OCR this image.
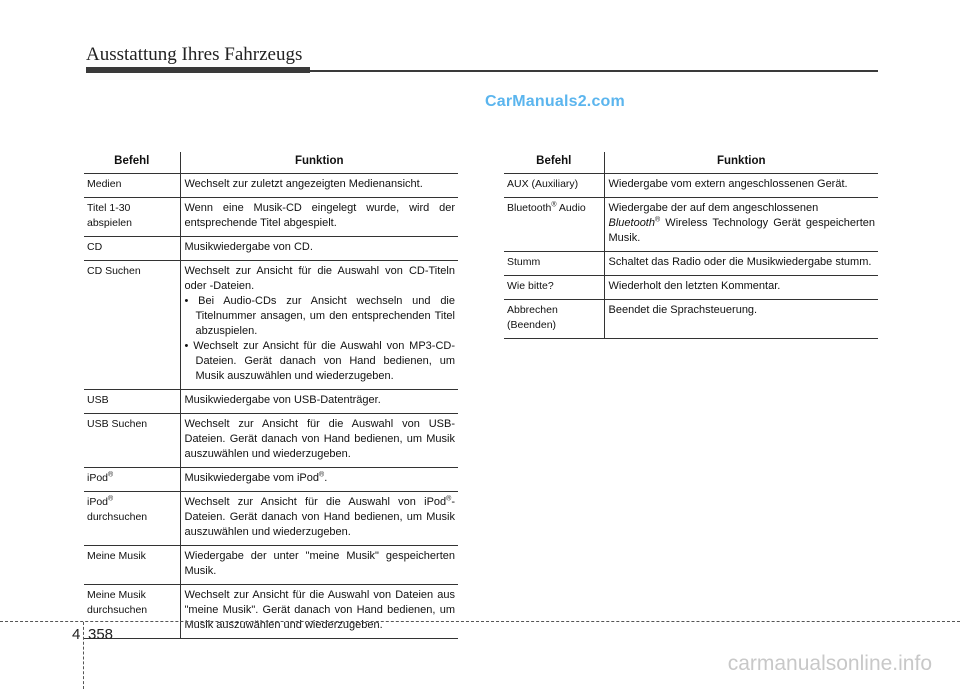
Ausstattung Ihres Fahrzeugs
CarManuals2.com
Befehl	Funktion
Medien	Wechselt zur zuletzt angezeigten Medienansicht.
Titel 1-30 abspielen	Wenn eine Musik-CD eingelegt wurde, wird der entsprechende Titel abgespielt.
CD	Musikwiedergabe von CD.
CD Suchen	Wechselt zur Ansicht für die Auswahl von CD-Titeln oder -Dateien.
• Bei Audio-CDs zur Ansicht wechseln und die Titelnummer ansagen, um den entsprechenden Titel abzuspielen.
• Wechselt zur Ansicht für die Auswahl von MP3-CD-Dateien. Gerät danach von Hand bedienen, um Musik auszuwählen und wiederzugeben.

USB	Musikwiedergabe von USB-Datenträger.
USB Suchen	Wechselt zur Ansicht für die Auswahl von USB-Dateien. Gerät danach von Hand bedienen, um Musik auszuwählen und wiederzugeben.
iPod®	Musikwiedergabe vom iPod®.
iPod®
durchsuchen	Wechselt zur Ansicht für die Auswahl von iPod®-Dateien. Gerät danach von Hand bedienen, um Musik auszuwählen und wiederzugeben.
Meine Musik	Wiedergabe der unter "meine Musik" gespeicherten Musik.
Meine Musik durchsuchen	Wechselt zur Ansicht für die Auswahl von Dateien aus "meine Musik". Gerät danach von Hand bedienen, um Musik auszuwählen und wiederzugeben.
Befehl	Funktion
AUX (Auxiliary)	Wiedergabe vom extern angeschlossenen Gerät.
Bluetooth® Audio	Wiedergabe der auf dem angeschlossenen
Bluetooth® Wireless Technology Gerät gespeicherten Musik.
Stumm	Schaltet das Radio oder die Musikwiedergabe stumm.
Wie bitte?	Wiederholt den letzten Kommentar.
Abbrechen (Beenden)	Beendet die Sprachsteuerung.
4 358
carmanualsonline.info
